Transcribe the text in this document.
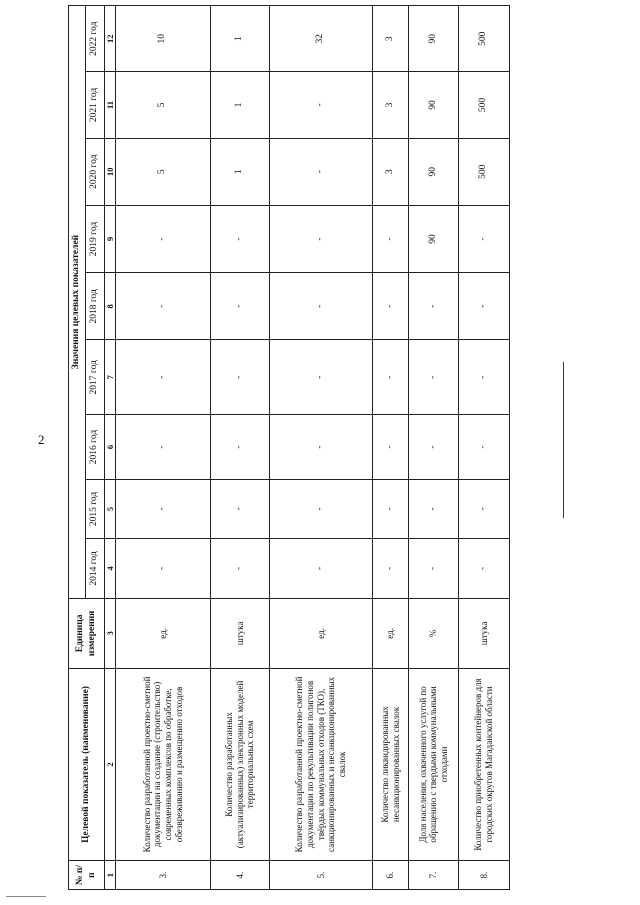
2
№ п/п	Целевой показатель (наименование)	Единица измерения	Значения целевых показателей								
			2014 год	2015 год	2016 год	2017 год	2018 год	2019 год	2020 год	2021 год	2022 год
1	2	3	4	5	6	7	8	9	10	11	12
3.	Количество разработанной проектно-сметной документации на создание (строительство) современных комплексов по обработке, обезвреживанию и размещению отходов	ед.	-	-	-	-	-	-	5	5	10
4.	Количество разработанных (актуализированных) электронных моделей территориальных схем	штука	-	-	-	-	-	-	1	1	1
5.	Количество разработанной проектно-сметной документации по рекультивации полигонов твёрдых коммунальных отходов (ТКО), санкционированных и несанкционированных свалок	ед.	-	-	-	-	-	-	-	-	32
6.	Количество ликвидированных несанкционированных свалок	ед.	-	-	-	-	-	-	3	3	3
7.	Доля населения, охваченного услугой по обращению с твердыми коммунальными отходами	%	-	-	-	-	-	90	90	90	90
8.	Количество приобретенных контейнеров для городских округов Магаданской области	штука	-	-	-	-	-	-	500	500	500
